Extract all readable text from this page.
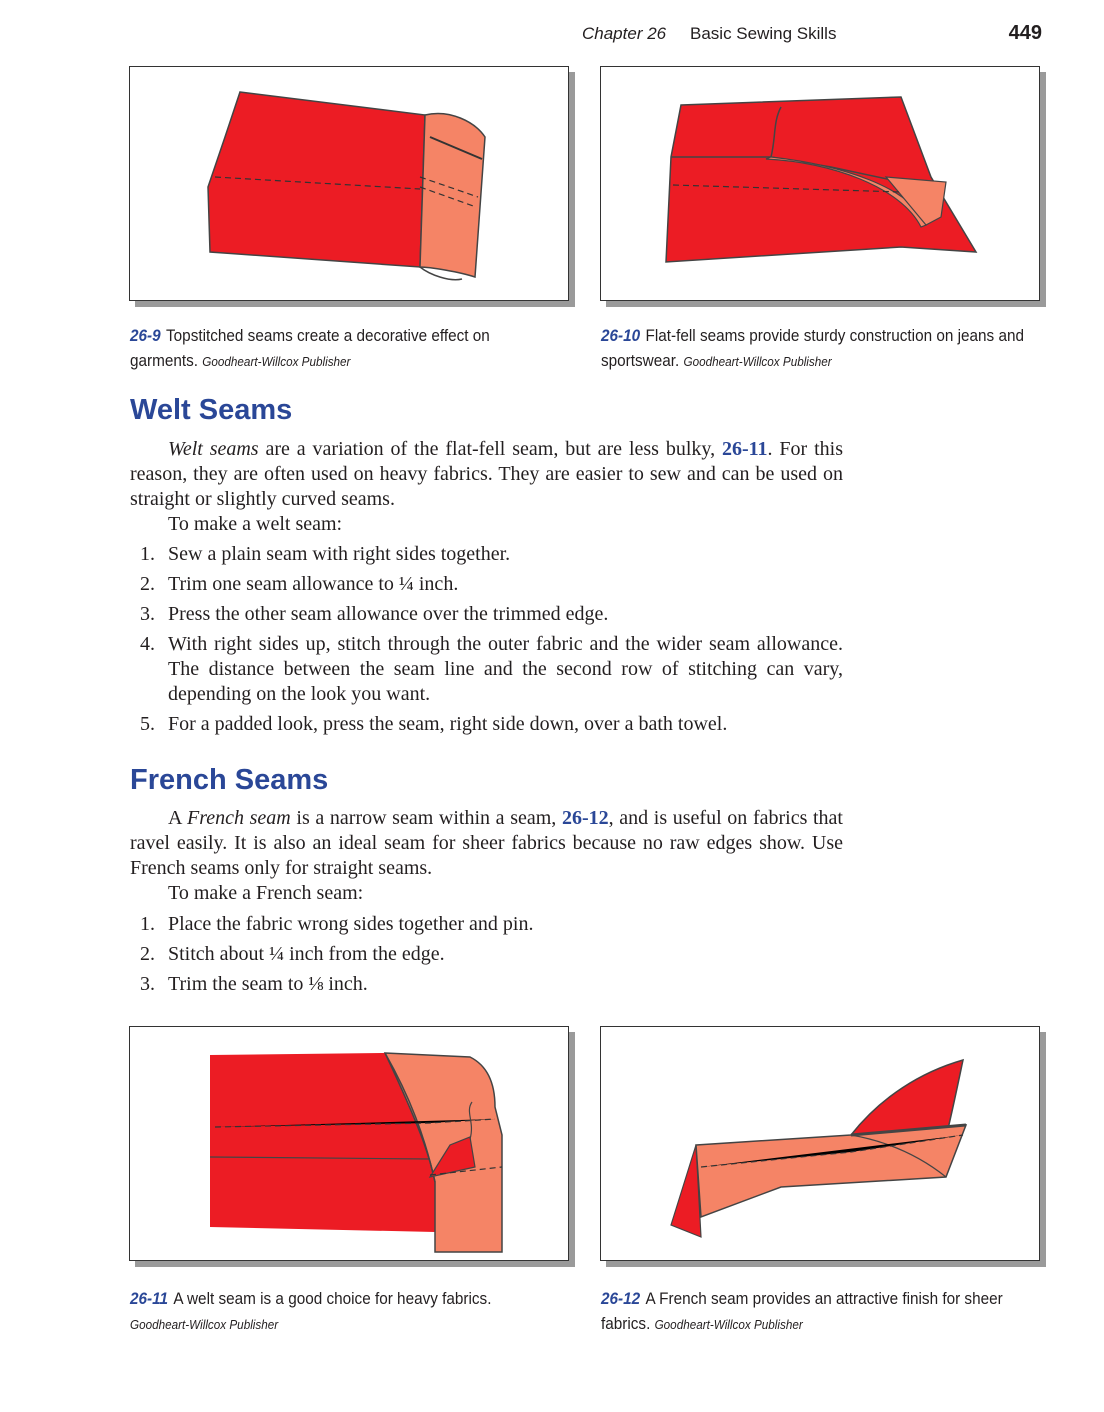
Chapter 26 Basic Sewing Skills	449
26-9 Topstitched seams create a decorative effect on garments. Goodheart-Willcox Publisher
26-10 Flat-fell seams provide sturdy construction on jeans and sportswear. Goodheart-Willcox Publisher
Welt Seams

Welt seams are a variation of the flat-fell seam, but are less bulky, 26-11. For this reason, they are often used on heavy fabrics. They are easier to sew and can be used on straight or slightly curved seams.

To make a welt seam:

1. Sew a plain seam with right sides together.
2. Trim one seam allowance to ¼ inch.
3. Press the other seam allowance over the trimmed edge.
4. With right sides up, stitch through the outer fabric and the wider seam allowance. The distance between the seam line and the second row of stitching can vary, depending on the look you want.
5. For a padded look, press the seam, right side down, over a bath towel.
French Seams

A French seam is a narrow seam within a seam, 26-12, and is useful on fabrics that ravel easily. It is also an ideal seam for sheer fabrics because no raw edges show. Use French seams only for straight seams.

To make a French seam:

1. Place the fabric wrong sides together and pin.
2. Stitch about ¼ inch from the edge.
3. Trim the seam to ⅛ inch.
26-11 A welt seam is a good choice for heavy fabrics.
Goodheart-Willcox Publisher
26-12 A French seam provides an attractive finish for sheer fabrics. Goodheart-Willcox Publisher
